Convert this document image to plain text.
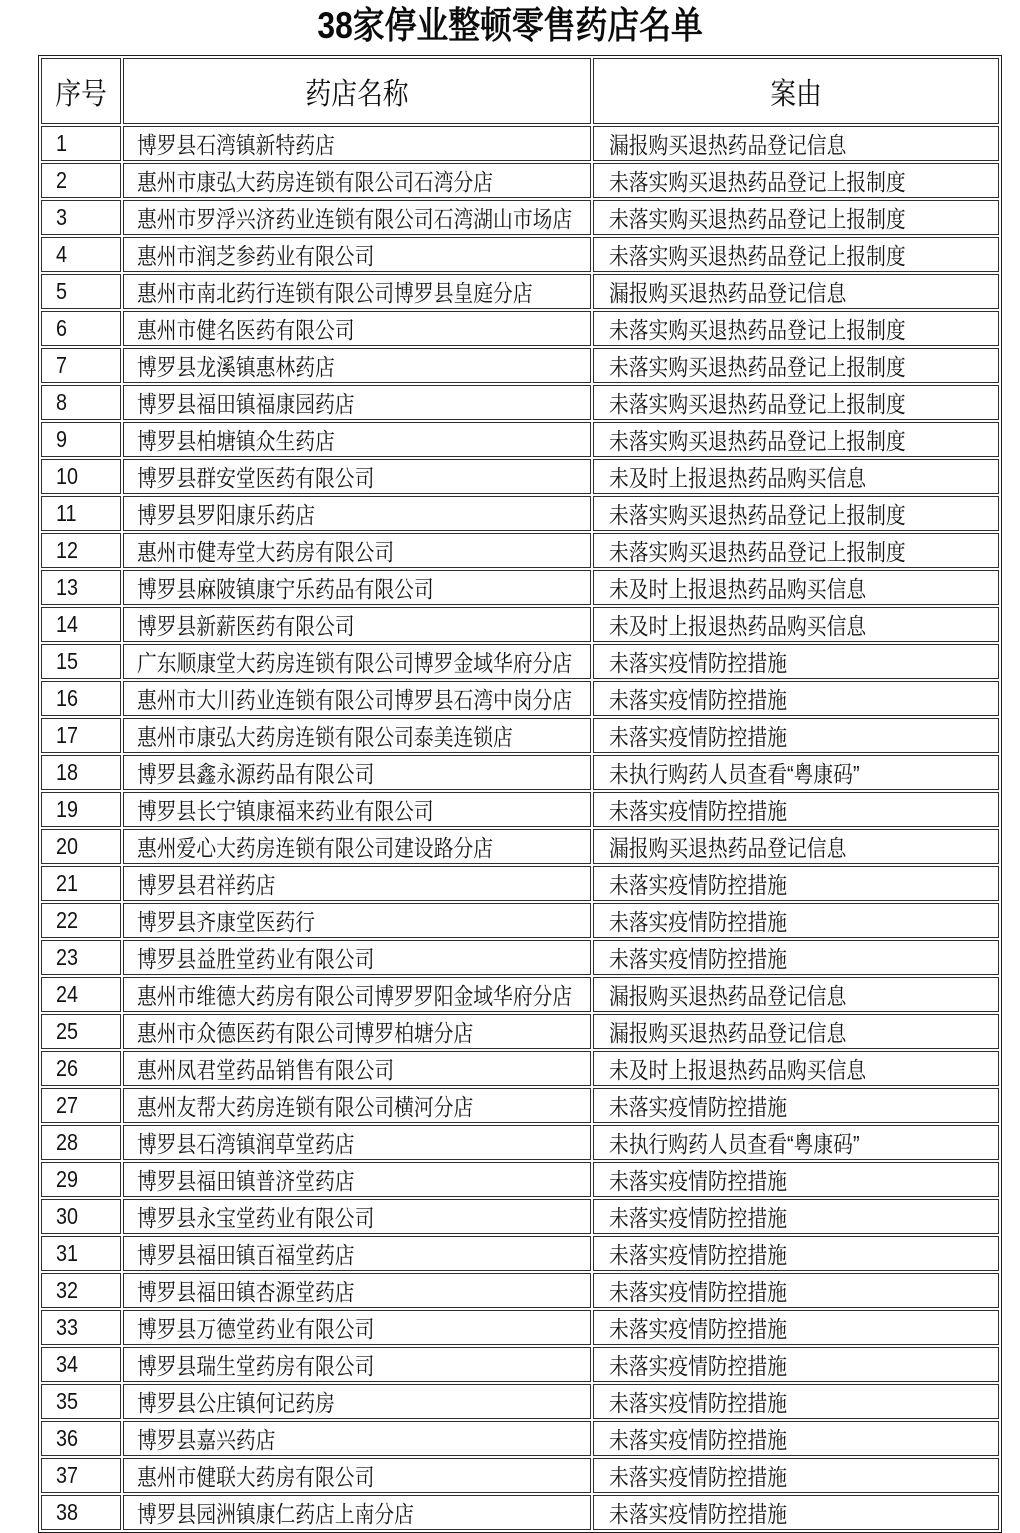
38家停业整顿零售药店名单
序号	药店名称	案由
1	博罗县石湾镇新特药店	漏报购买退热药品登记信息
2	惠州市康弘大药房连锁有限公司石湾分店	未落实购买退热药品登记上报制度
3	惠州市罗浮兴济药业连锁有限公司石湾湖山市场店	未落实购买退热药品登记上报制度
4	惠州市润芝参药业有限公司	未落实购买退热药品登记上报制度
5	惠州市南北药行连锁有限公司博罗县皇庭分店	漏报购买退热药品登记信息
6	惠州市健名医药有限公司	未落实购买退热药品登记上报制度
7	博罗县龙溪镇惠林药店	未落实购买退热药品登记上报制度
8	博罗县福田镇福康园药店	未落实购买退热药品登记上报制度
9	博罗县柏塘镇众生药店	未落实购买退热药品登记上报制度
10	博罗县群安堂医药有限公司	未及时上报退热药品购买信息
11	博罗县罗阳康乐药店	未落实购买退热药品登记上报制度
12	惠州市健寿堂大药房有限公司	未落实购买退热药品登记上报制度
13	博罗县麻陂镇康宁乐药品有限公司	未及时上报退热药品购买信息
14	博罗县新薪医药有限公司	未及时上报退热药品购买信息
15	广东顺康堂大药房连锁有限公司博罗金域华府分店	未落实疫情防控措施
16	惠州市大川药业连锁有限公司博罗县石湾中岗分店	未落实疫情防控措施
17	惠州市康弘大药房连锁有限公司泰美连锁店	未落实疫情防控措施
18	博罗县鑫永源药品有限公司	未执行购药人员查看“粤康码”
19	博罗县长宁镇康福来药业有限公司	未落实疫情防控措施
20	惠州爱心大药房连锁有限公司建设路分店	漏报购买退热药品登记信息
21	博罗县君祥药店	未落实疫情防控措施
22	博罗县齐康堂医药行	未落实疫情防控措施
23	博罗县益胜堂药业有限公司	未落实疫情防控措施
24	惠州市维德大药房有限公司博罗罗阳金域华府分店	漏报购买退热药品登记信息
25	惠州市众德医药有限公司博罗柏塘分店	漏报购买退热药品登记信息
26	惠州凤君堂药品销售有限公司	未及时上报退热药品购买信息
27	惠州友帮大药房连锁有限公司横河分店	未落实疫情防控措施
28	博罗县石湾镇润草堂药店	未执行购药人员查看“粤康码”
29	博罗县福田镇普济堂药店	未落实疫情防控措施
30	博罗县永宝堂药业有限公司	未落实疫情防控措施
31	博罗县福田镇百福堂药店	未落实疫情防控措施
32	博罗县福田镇杏源堂药店	未落实疫情防控措施
33	博罗县万德堂药业有限公司	未落实疫情防控措施
34	博罗县瑞生堂药房有限公司	未落实疫情防控措施
35	博罗县公庄镇何记药房	未落实疫情防控措施
36	博罗县嘉兴药店	未落实疫情防控措施
37	惠州市健联大药房有限公司	未落实疫情防控措施
38	博罗县园洲镇康仁药店上南分店	未落实疫情防控措施
